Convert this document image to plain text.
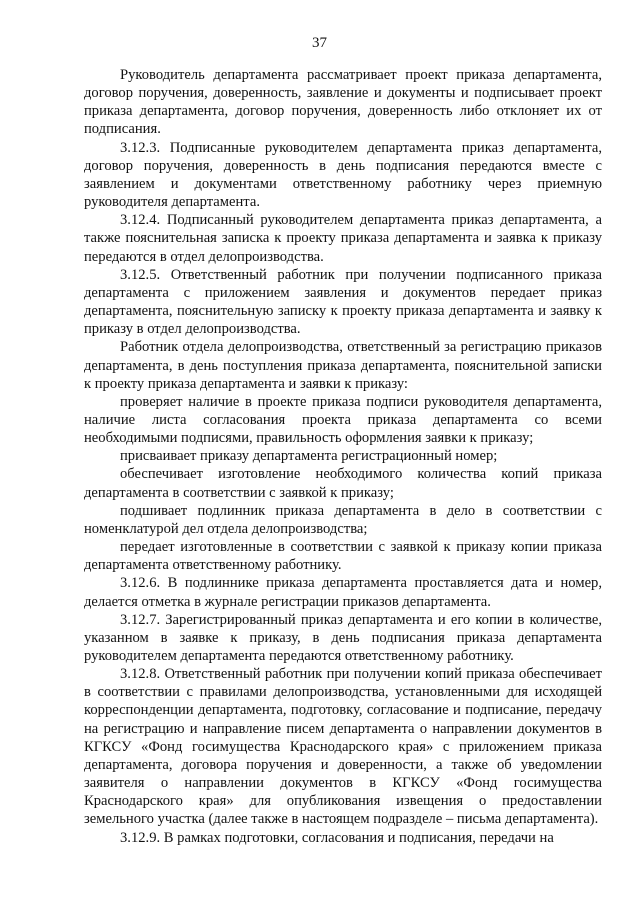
37

Руководитель департамента рассматривает проект приказа департамента, договор поручения, доверенность, заявление и документы и подписывает проект приказа департамента, договор поручения, доверенность либо отклоняет их от подписания.

3.12.3. Подписанные руководителем департамента приказ департамента, договор поручения, доверенность в день подписания передаются вместе с заявлением и документами ответственному работнику через приемную руководителя департамента.

3.12.4. Подписанный руководителем департамента приказ департамента, а также пояснительная записка к проекту приказа департамента и заявка к приказу передаются в отдел делопроизводства.

3.12.5. Ответственный работник при получении подписанного приказа департамента с приложением заявления и документов передает приказ департамента, пояснительную записку к проекту приказа департамента и заявку к приказу в отдел делопроизводства.

Работник отдела делопроизводства, ответственный за регистрацию приказов департамента, в день поступления приказа департамента, пояснительной записки к проекту приказа департамента и заявки к приказу:

проверяет наличие в проекте приказа подписи руководителя департамента, наличие листа согласования проекта приказа департамента со всеми необходимыми подписями, правильность оформления заявки к приказу;

присваивает приказу департамента регистрационный номер;

обеспечивает изготовление необходимого количества копий приказа департамента в соответствии с заявкой к приказу;

подшивает подлинник приказа департамента в дело в соответствии с номенклатурой дел отдела делопроизводства;

передает изготовленные в соответствии с заявкой к приказу копии приказа департамента ответственному работнику.

3.12.6. В подлиннике приказа департамента проставляется дата и номер, делается отметка в журнале регистрации приказов департамента.

3.12.7. Зарегистрированный приказ департамента и его копии в количестве, указанном в заявке к приказу, в день подписания приказа департамента руководителем департамента передаются ответственному работнику.

3.12.8. Ответственный работник при получении копий приказа обеспечивает в соответствии с правилами делопроизводства, установленными для исходящей корреспонденции департамента, подготовку, согласование и подписание, передачу на регистрацию и направление писем департамента о направлении документов в КГКСУ «Фонд госимущества Краснодарского края» с приложением приказа департамента, договора поручения и доверенности, а также об уведомлении заявителя о направлении документов в КГКСУ «Фонд госимущества Краснодарского края» для опубликования извещения о предоставлении земельного участка (далее также в настоящем подразделе – письма департамента).

3.12.9. В рамках подготовки, согласования и подписания, передачи на
